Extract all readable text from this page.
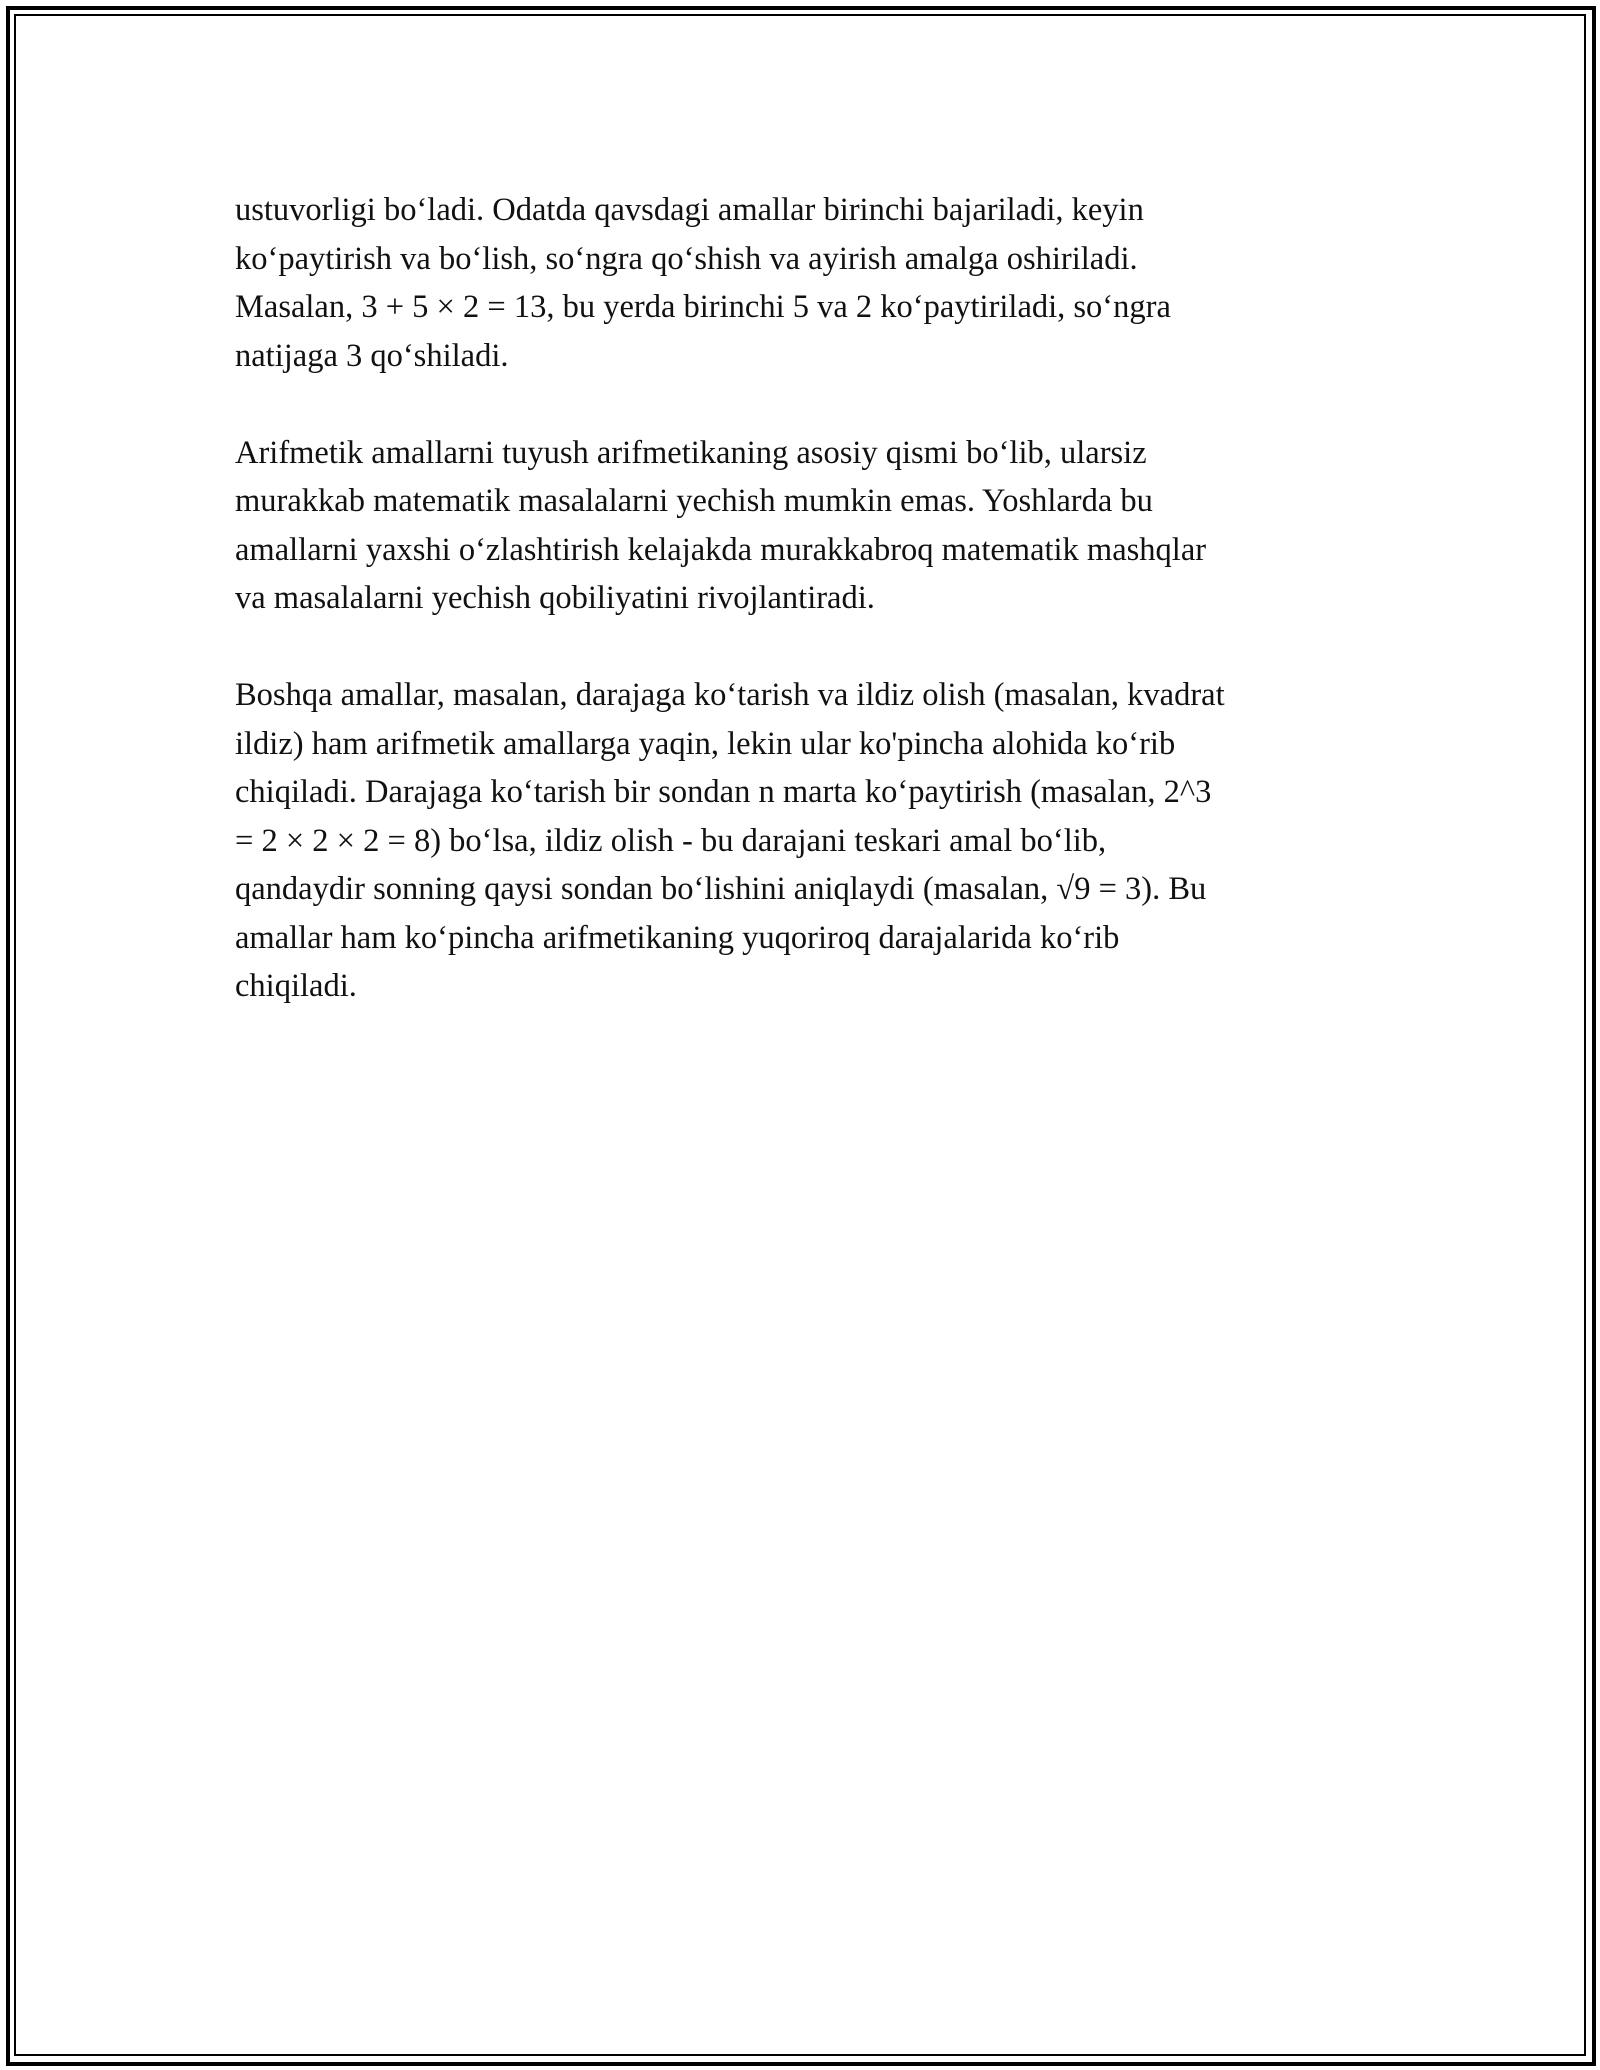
ustuvorligi bo‘ladi. Odatda qavsdagi amallar birinchi bajariladi, keyin
ko‘paytirish va bo‘lish, so‘ngra qo‘shish va ayirish amalga oshiriladi.
Masalan, 3 + 5 × 2 = 13, bu yerda birinchi 5 va 2 ko‘paytiriladi, so‘ngra
natijaga 3 qo‘shiladi.

Arifmetik amallarni tuyush arifmetikaning asosiy qismi bo‘lib, ularsiz
murakkab matematik masalalarni yechish mumkin emas. Yoshlarda bu
amallarni yaxshi o‘zlashtirish kelajakda murakkabroq matematik mashqlar
va masalalarni yechish qobiliyatini rivojlantiradi.

Boshqa amallar, masalan, darajaga ko‘tarish va ildiz olish (masalan, kvadrat
ildiz) ham arifmetik amallarga yaqin, lekin ular ko'pincha alohida ko‘rib
chiqiladi. Darajaga ko‘tarish bir sondan n marta ko‘paytirish (masalan, 2^3
= 2 × 2 × 2 = 8) bo‘lsa, ildiz olish - bu darajani teskari amal bo‘lib,
qandaydir sonning qaysi sondan bo‘lishini aniqlaydi (masalan, √9 = 3). Bu
amallar ham ko‘pincha arifmetikaning yuqoriroq darajalarida ko‘rib
chiqiladi.
